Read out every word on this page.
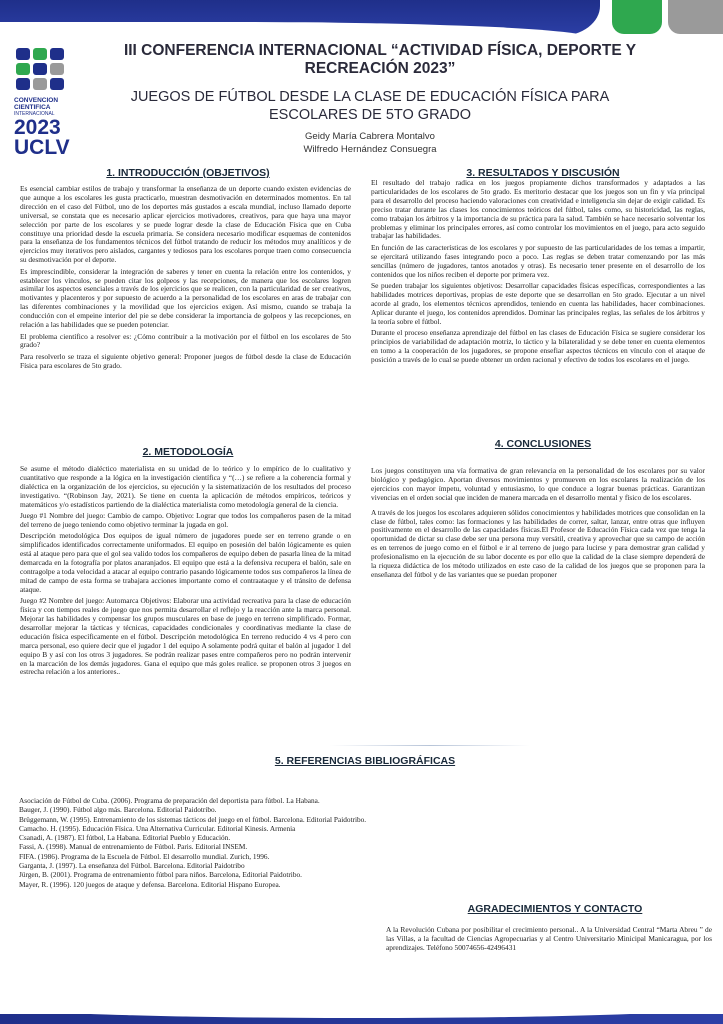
CONVENCION
CIENTIFICA
INTERNACIONAL
2023
UCLV
III CONFERENCIA INTERNACIONAL “ACTIVIDAD FÍSICA, DEPORTE Y RECREACIÓN 2023”
JUEGOS DE FÚTBOL DESDE LA CLASE DE EDUCACIÓN FÍSICA PARA ESCOLARES DE 5TO GRADO
Geidy María Cabrera Montalvo
Wilfredo Hernández Consuegra
1. INTRODUCCIÓN (OBJETIVOS)

Es esencial cambiar estilos de trabajo y transformar la enseñanza de un deporte cuando existen evidencias de que aunque a los escolares les gusta practicarlo, muestran desmotivación en determinados momentos. En tal dirección en el caso del Fútbol, uno de los deportes más gustados a escala mundial, incluso llamado deporte universal, se constata que es necesario aplicar ejercicios motivadores, creativos, para que haya una mayor selección por parte de los escolares y se puede lograr desde la clase de Educación Física que en Cuba constituye una prioridad desde la escuela primaria. Se considera necesario modificar esquemas de contenidos para la enseñanza de los fundamentos técnicos del fútbol tratando de reducir los métodos muy analíticos y de ejercicios muy iterativos pero aislados, cargantes y tediosos para los escolares porque traen como consecuencia su desmotivación por el deporte.

Es imprescindible, considerar la integración de saberes y tener en cuenta la relación entre los contenidos, y establecer los vínculos, se pueden citar los golpeos y las recepciones, de manera que los escolares logren asimilar los aspectos esenciales a través de los ejercicios que se realicen, con la particularidad de ser creativos, motivantes y placenteros y por supuesto de acuerdo a la personalidad de los escolares en aras de trabajar con las diferentes combinaciones y la movilidad que los ejercicios exigen. Así mismo, cuando se trabaja la conducción con el empeine interior del pie se debe considerar la importancia de golpeos y las recepciones, en relación a las habilidades que se pueden potenciar.

El problema científico a resolver es: ¿Cómo contribuir a la motivación por el fútbol en los escolares de 5to grado?

Para resolverlo se traza el siguiente objetivo general: Proponer juegos de fútbol desde la clase de Educación Física para escolares de 5to grado.

2. METODOLOGÍA

Se asume el método dialéctico materialista en su unidad de lo teórico y lo empírico de lo cualitativo y cuantitativo que responde a la lógica en la investigación científica y “(…) se refiere a la coherencia formal y dialéctica en la organización de los ejercicios, su ejecución y la sistematización de los resultados del proceso investigativo. “(Robinson Jay, 2021). Se tiene en cuenta la aplicación de métodos empíricos, teóricos y matemáticos y/o estadísticos partiendo de la dialéctica materialista como metodología general de la ciencia.

Juego #1 Nombre del juego: Cambio de campo. Objetivo: Lograr que todos los compañeros pasen de la mitad del terreno de juego teniendo como objetivo terminar la jugada en gol.

Descripción metodológica Dos equipos de igual número de jugadores puede ser en terreno grande o en simplificados identificados correctamente uniformados. El equipo en posesión del balón lógicamente es quien está al ataque pero para que el gol sea valido todos los compañeros de equipo deben de pasarla línea de la mitad demarcada en la fotografía por platos anaranjados. El equipo que está a la defensiva recupera el balón, sale en contragolpe a toda velocidad a atacar al equipo contrario pasando lógicamente todos sus compañeros la línea de mitad de campo de esta forma se trabajara acciones importante como el contraataque y el tránsito de defensa ataque.

Juego #2 Nombre del juego: Automarca Objetivos: Elaborar una actividad recreativa para la clase de educación física y con tiempos reales de juego que nos permita desarrollar el reflejo y la reacción ante la marca personal. Mejorar las habilidades y compensar los grupos musculares en base de juego en terreno simplificado. Formar, desarrollar mejorar la tácticas y técnicas, capacidades condicionales y coordinativas mediante la clase de educación física específicamente en el fútbol. Descripción metodológica En terreno reducido 4 vs 4 pero con marca personal, eso quiere decir que el jugador 1 del equipo A solamente podrá quitar el balón al jugador 1 del equipo B y así con los otros 3 jugadores. Se podrán realizar pases entre compañeros pero no podrán intervenir en la marcación de los demás jugadores. Gana el equipo que más goles realice. se proponen otros 3 juegos en estrecha relación a los anteriores..

3. RESULTADOS Y DISCUSIÓN

El resultado del trabajo radica en los juegos propiamente dichos transformados y adaptados a las particularidades de los escolares de 5to grado. Es meritorio destacar que los juegos son un fin y vía principal para el desarrollo del proceso haciendo valoraciones con creatividad e inteligencia sin dejar de exigir calidad. Es preciso tratar durante las clases los conocimientos teóricos del fútbol, tales como, su historicidad, las reglas, como trabajan los árbitros y la importancia de su práctica para la salud. También se hace necesario solventar los problemas y eliminar los principales errores, así como controlar los movimientos en el juego, para acto seguido trabajar las habilidades.

En función de las características de los escolares y por supuesto de las particularidades de los temas a impartir, se ejercitará utilizando fases integrando poco a poco. Las reglas se deben tratar comenzando por las más sencillas (número de jugadores, tantos anotados y otras). Es necesario tener presente en el desarrollo de los contenidos que los niños reciben el deporte por primera vez.

Se pueden trabajar los siguientes objetivos: Desarrollar capacidades físicas específicas, correspondientes a las habilidades motrices deportivas, propias de este deporte que se desarrollan en 5to grado. Ejecutar a un nivel acorde al grado, los elementos técnicos aprendidos, teniendo en cuenta las habilidades, hacer combinaciones. Aplicar durante el juego, los contenidos aprendidos. Dominar las principales reglas, las señales de los árbitros y la teoría sobre el fútbol.

Durante el proceso enseñanza aprendizaje del fútbol en las clases de Educación Física se sugiere considerar los principios de variabilidad de adaptación motriz, lo táctico y la bilateralidad y se debe tener en cuenta elementos en tomo a la cooperación de los jugadores, se propone ensefiar aspectos técnicos en vínculo con el ataque de posición a través de lo cual se puede obtener un orden racional y efectivo de todos los escolares en el juego.

4. CONCLUSIONES

Los juegos constituyen una vía formativa de gran relevancia en la personalidad de los escolares por su valor biológico y pedagógico. Aportan diversos movimientos y promueven en los escolares la realización de los ejercicios con mayor ímpetu, voluntad y entusiasmo, lo que conduce a lograr buenas prácticas. Garantizan vivencias en el orden social que inciden de manera marcada en el desarrollo mental y físico de los escolares.

A través de los juegos los escolares adquieren sólidos conocimientos y habilidades motrices que consolidan en la clase de fútbol, tales como: las formaciones y las habilidades de correr, saltar, lanzar, entre otras que influyen positivamente en el desarrollo de las capacidades físicas.El Profesor de Educación Física cada vez que tenga la oportunidad de dictar su clase debe ser una persona muy versátil, creativa y aprovechar que su campo de acción es en terrenos de juego como en el fútbol e ir al terreno de juego para lucirse y para demostrar gran calidad y profesionalismo en la ejecución de su labor docente es por ello que la calidad de la clase siempre dependerá de la riqueza didáctica de los método utilizados en este caso de la calidad de los juegos que se proponen para la enseñanza del fútbol y de las variantes que se puedan proponer

5. REFERENCIAS BIBLIOGRÁFICAS
Asociación de Fútbol de Cuba. (2006). Programa de preparación del deportista para fútbol. La Habana.
Bauger, J. (1990). Fútbol algo más. Barcelona. Editorial Paidotribo.
Brüggemann, W. (1995). Entrenamiento de los sistemas tácticos del juego en el fútbol. Barcelona. Editorial Paidotribo.
Camacho. H. (1995). Educación Física. Una Alternativa Curricular. Editorial Kinesis. Armenia
Csanadi, A. (1987). El fútbol, La Habana. Editorial Pueblo y Educación.
Fassi, A. (1998). Manual de entrenamiento de Fútbol. Paris. Editorial INSEM.
FIFA. (1986). Programa de la Escuela de Fútbol. El desarrollo mundial. Zurich, 1996.
Garganta, J. (1997). La enseñanza del Fútbol. Barcelona. Editorial Paidotribo
Jürgen, B. (2001). Programa de entrenamiento fútbol para niños. Barcelona, Editorial Paidotribo.
Mayer, R. (1996). 120 juegos de ataque y defensa. Barcelona. Editorial Hispano Europea.
AGRADECIMIENTOS Y CONTACTO

A la Revolución Cubana por posibilitar el crecimiento personal.. A la Universidad Central “Marta Abreu ” de las Villas, a la facultad de Ciencias Agropecuarias y al Centro Universitario Minicipal Manicaragua, por los aprendizajes. Teléfono 50074656-42496431
